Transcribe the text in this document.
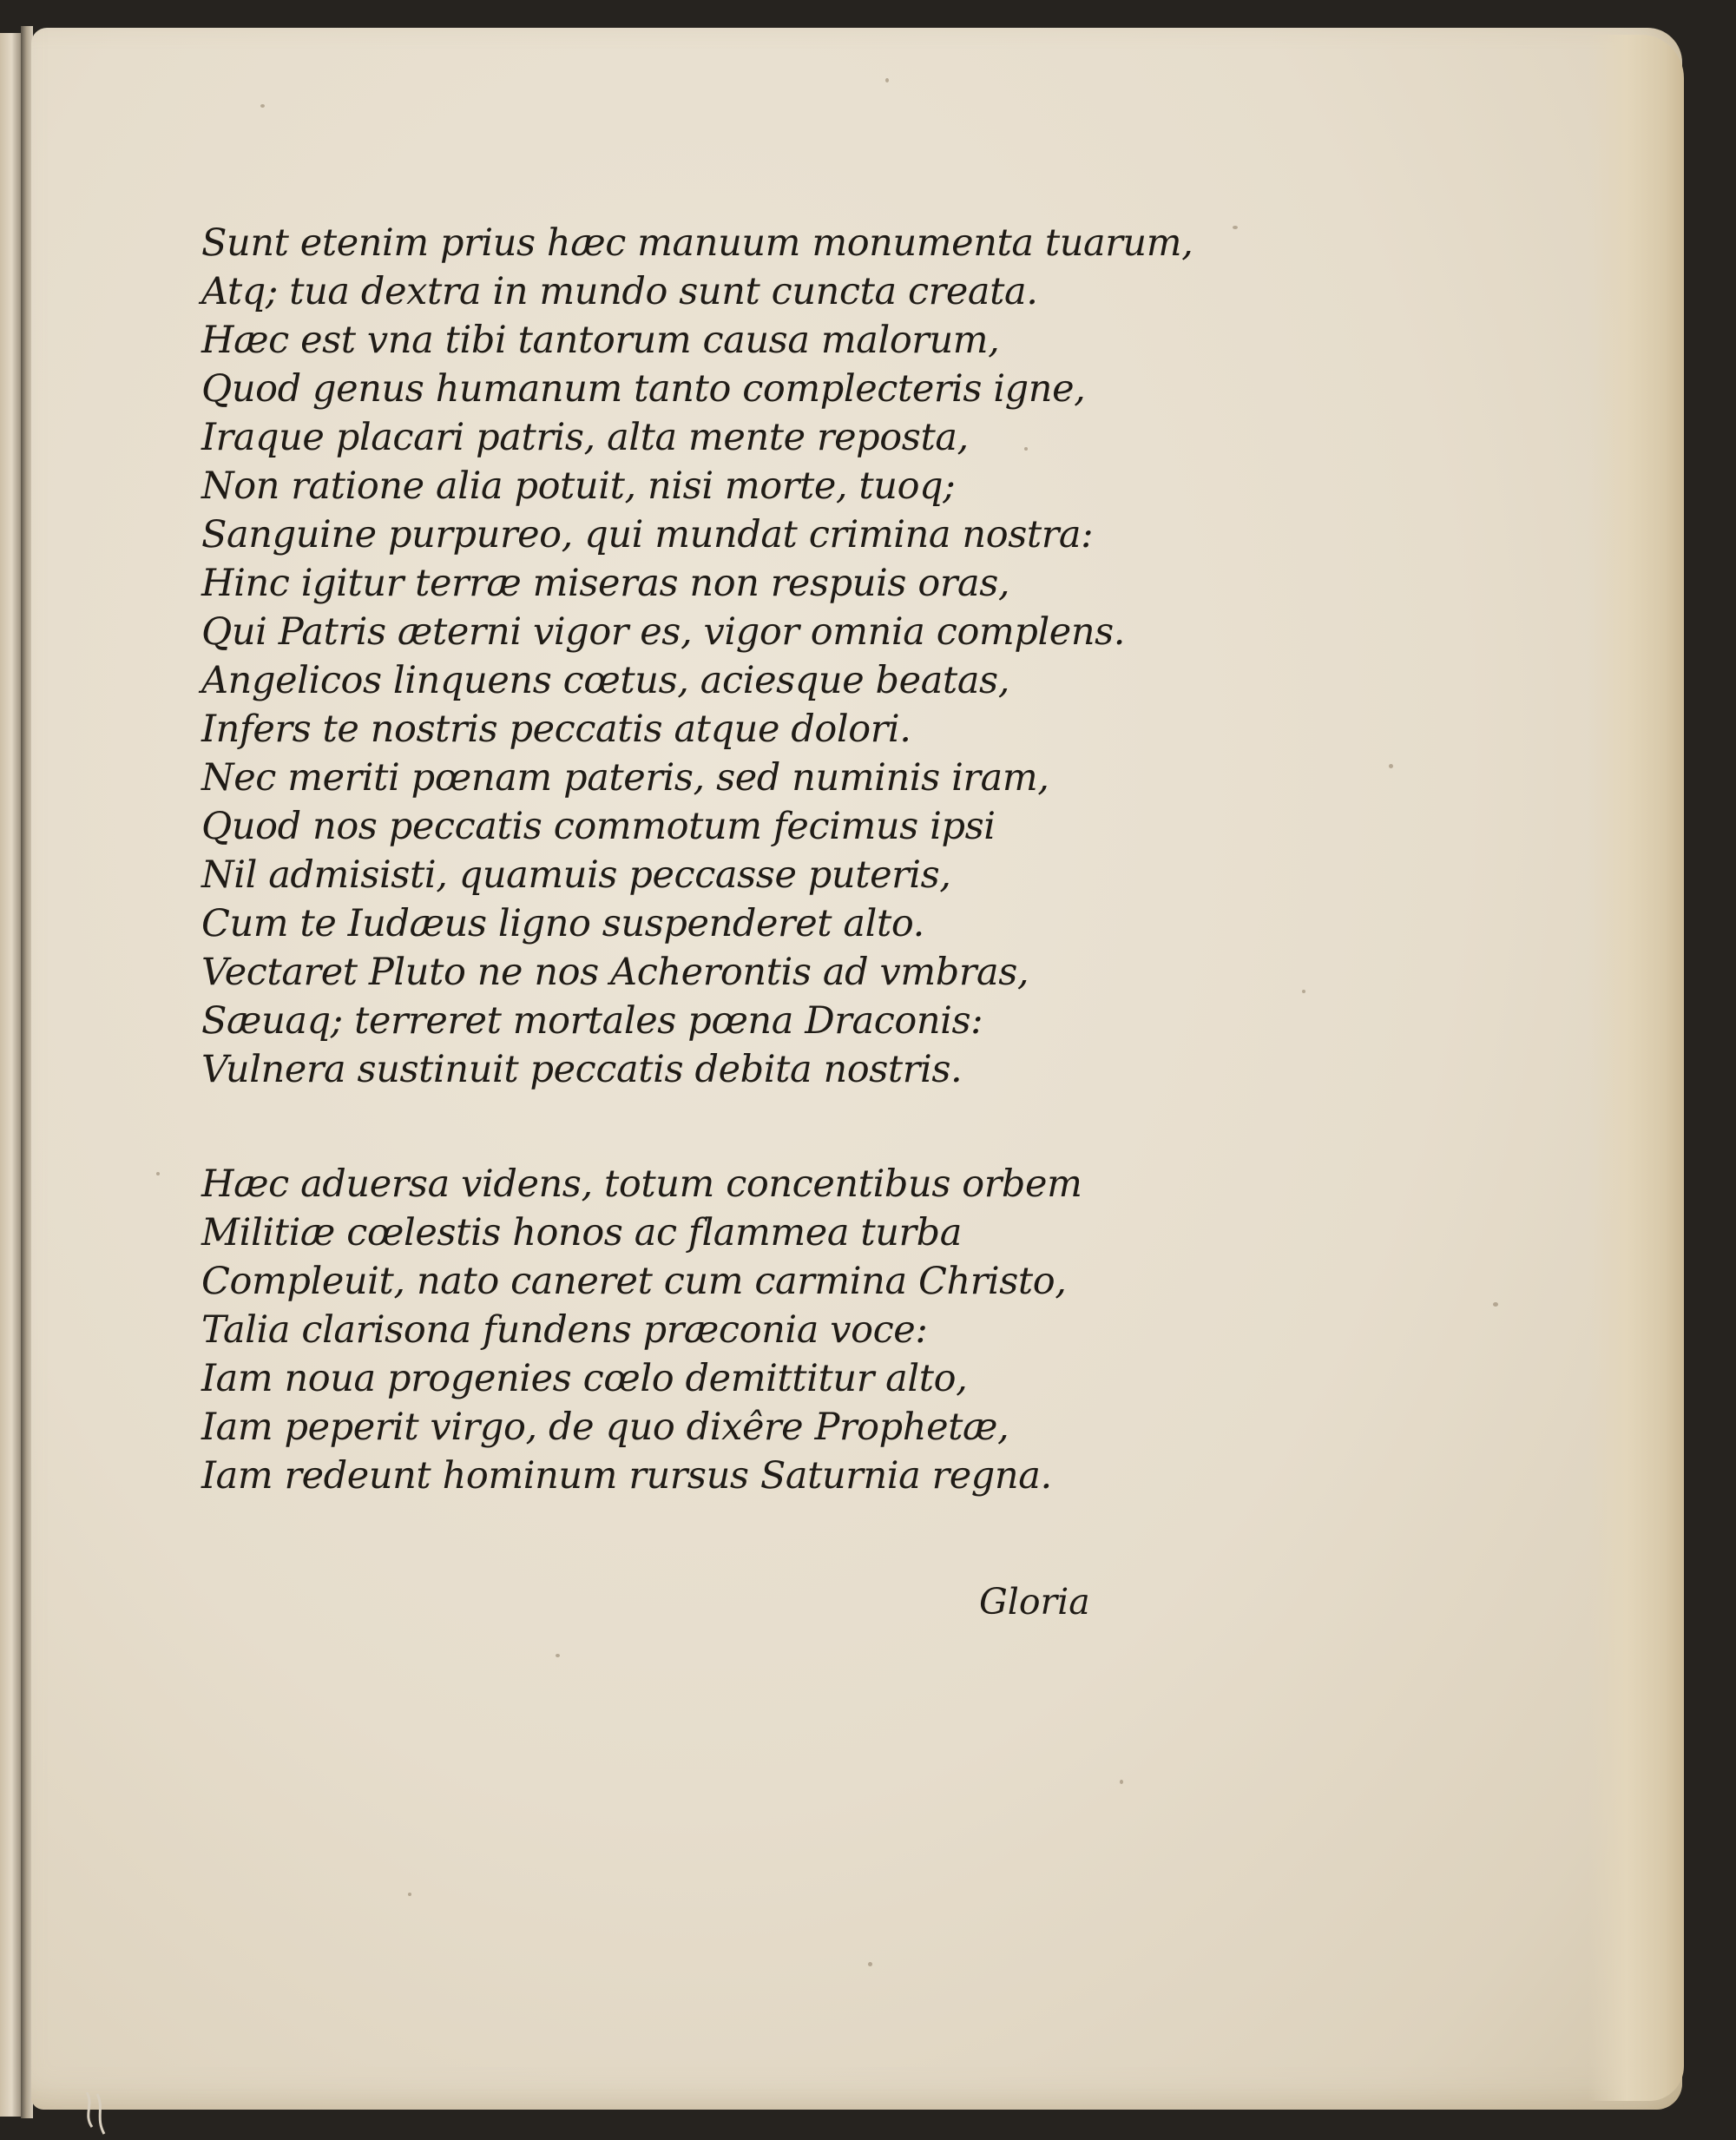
Sunt etenim prius hæc manuum monumenta tuarum,
Atq; tua dextra in mundo sunt cuncta creata.
Hæc est vna tibi tantorum causa malorum,
Quod genus humanum tanto complecteris igne,
Iraque placari patris, alta mente reposta,
Non ratione alia potuit, nisi morte, tuoq;
Sanguine purpureo, qui mundat crimina nostra:
Hinc igitur terræ miseras non respuis oras,
Qui Patris æterni vigor es, vigor omnia complens.
Angelicos linquens cœtus, aciesque beatas,
Infers te nostris peccatis atque dolori.
Nec meriti pœnam pateris, sed numinis iram,
Quod nos peccatis commotum fecimus ipsi
Nil admisisti, quamuis peccasse puteris,
Cum te Iudæus ligno suspenderet alto.
Vectaret Pluto ne nos Acherontis ad vmbras,
Sæuaq; terreret mortales pœna Draconis:
Vulnera sustinuit peccatis debita nostris.
Hæc aduersa videns, totum concentibus orbem
Militiæ cœlestis honos ac flammea turba
Compleuit, nato caneret cum carmina Christo,
Talia clarisona fundens præconia voce:
Iam noua progenies cœlo demittitur alto,
Iam peperit virgo, de quo dixêre Prophetæ,
Iam redeunt hominum rursus Saturnia regna.
Gloria
